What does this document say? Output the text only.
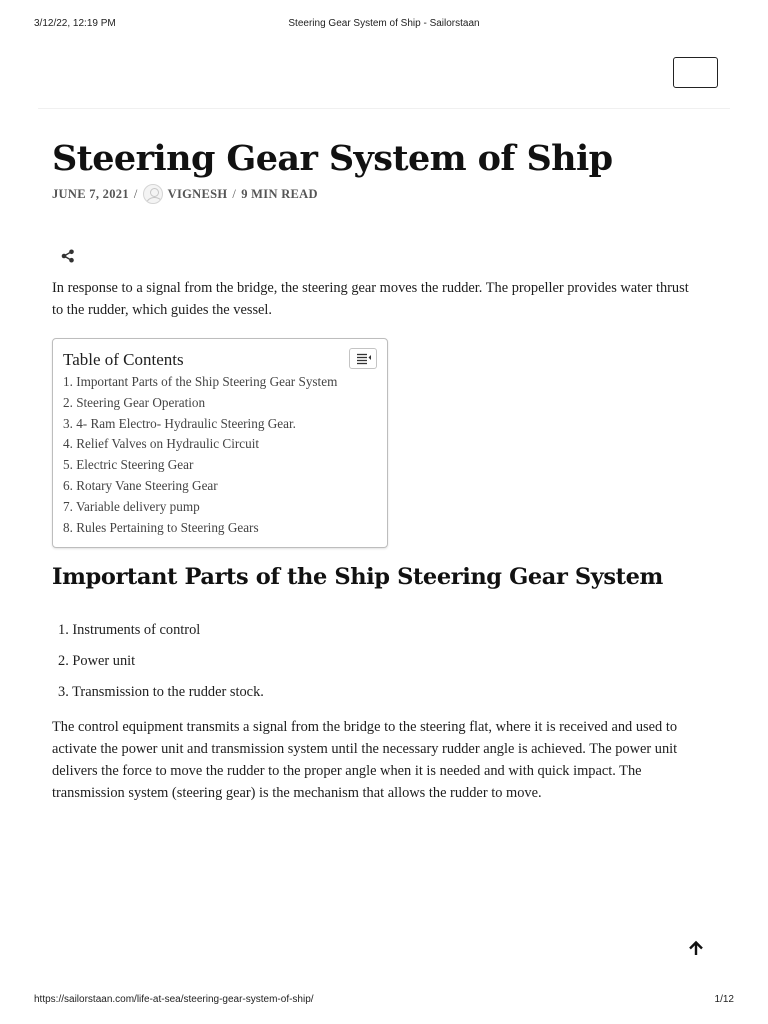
3/12/22, 12:19 PM	Steering Gear System of Ship - Sailorstaan
Steering Gear System of Ship
JUNE 7, 2021 / VIGNESH / 9 MIN READ

In response to a signal from the bridge, the steering gear moves the rudder. The propeller provides water thrust to the rudder, which guides the vessel.

Table of Contents
1. Important Parts of the Ship Steering Gear System
2. Steering Gear Operation
3. 4- Ram Electro- Hydraulic Steering Gear.
4. Relief Valves on Hydraulic Circuit
5. Electric Steering Gear
6. Rotary Vane Steering Gear
7. Variable delivery pump
8. Rules Pertaining to Steering Gears
Important Parts of the Ship Steering Gear System
1. Instruments of control
2. Power unit
3. Transmission to the rudder stock.

The control equipment transmits a signal from the bridge to the steering flat, where it is received and used to activate the power unit and transmission system until the necessary rudder angle is achieved. The power unit delivers the force to move the rudder to the proper angle when it is needed and with quick impact. The transmission system (steering gear) is the mechanism that allows the rudder to move.

https://sailorstaan.com/life-at-sea/steering-gear-system-of-ship/	1/12
